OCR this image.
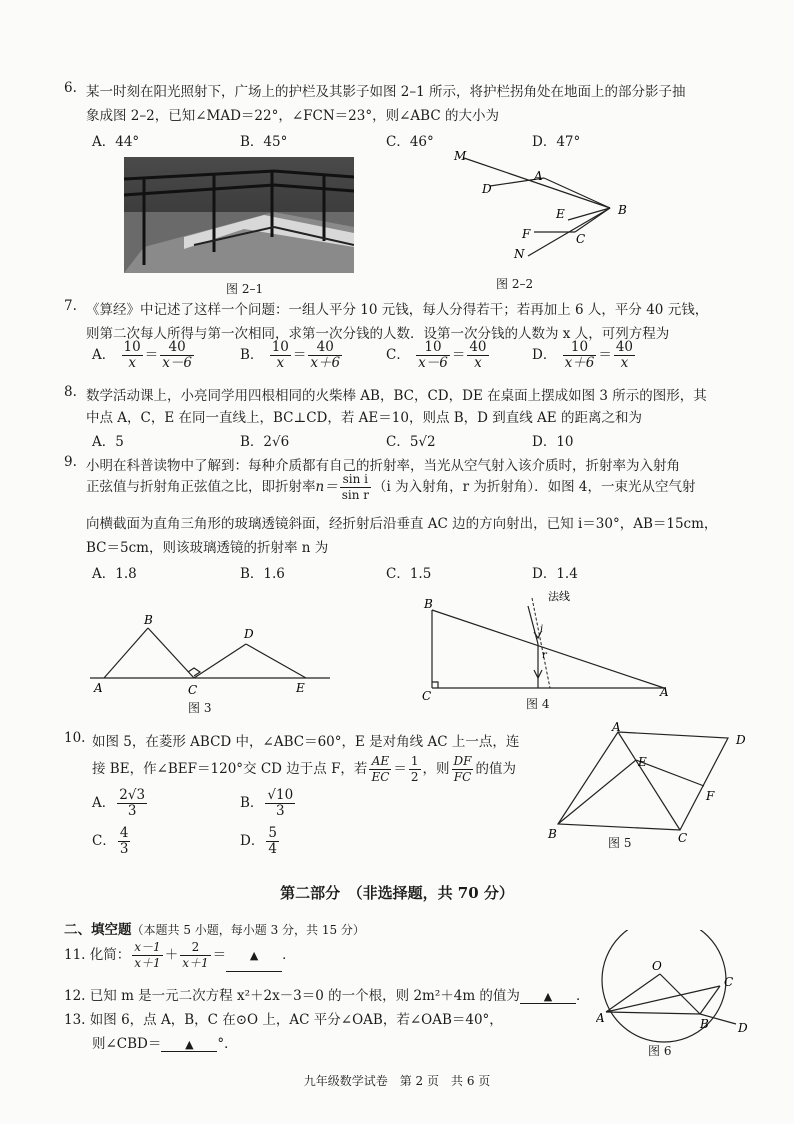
6. 某一时刻在阳光照射下，广场上的护栏及其影子如图 2–1 所示，将护栏拐角处在地面上的部分影子抽
象成图 2–2，已知∠MAD＝22°，∠FCN＝23°，则∠ABC 的大小为
A．44°	B．45°	C．46°	D．47°
图 2–1
M
D
A
E	B
F	C
N
图 2–2
7. 《算经》中记述了这样一个问题：一组人平分 10 元钱，每人分得若干；若再加上 6 人，平分 40 元钱，
则第二次每人所得与第一次相同，求第一次分钱的人数．设第一次分钱的人数为 x 人，可列方程为
A． $\frac{10}{x} = \frac{40}{x-6}$	B． $\frac{10}{x} = \frac{40}{x+6}$	C． $\frac{10}{x-6} = \frac{40}{x}$	D． $\frac{10}{x+6} = \frac{40}{x}$
8. 数学活动课上，小亮同学用四根相同的火柴棒 AB，BC，CD，DE 在桌面上摆成如图 3 所示的图形，其
中点 A，C，E 在同一直线上，BC⊥CD，若 AE＝10，则点 B，D 到直线 AE 的距离之和为
A．5	B．2√6	C．5√2	D．10
9. 小明在科普读物中了解到：每种介质都有自己的折射率，当光从空气射入该介质时，折射率为入射角
正弦值与折射角正弦值之比，即折射率$n= \frac{\text{sin i}}{\text{sin r}} (i$ 为入射角，r 为折射角）．如图 4，一束光从空气射
向横截面为直角三角形的玻璃透镜斜面，经折射后沿垂直 AC 边的方向射出，已知 i＝30°，AB＝15cm，
BC＝5cm，则该玻璃透镜的折射率 n 为
A．1.8	B．1.6	C．1.5	D．1.4
B
D
A	C	E
图 3
B
C	A
法线
i
r
图 4
10. 如图 5，在菱形 ABCD 中，∠ABC＝60°，E 是对角线 AC 上一点，连
接 BE，作∠BEF＝120°交 CD 边于点 F，若 $\frac{AE}{EC} = \frac{1}{2}$ ，则 $\frac{DF}{FC}$ 的值为
A． $\frac{2√3}{3}$	B． $\frac{√10}{3}$
C． $\frac{4}{3}$	D． $\frac{5}{4}$
A
D
E
F
B	C
图 5
第二部分　（非选择题，共 70 分）
二、填空题（本题共 5 小题，每小题 3 分，共 15 分）
11. 化简： $\frac{x-1}{x+1} + \frac{2}{x+1}$ ＝ ▲ ．
12. 已知 m 是一元二次方程 x²＋2x－3＝0 的一个根，则 2m²＋4m 的值为 ▲ ．
13. 如图 6，点 A，B，C 在⊙O 上，AC 平分∠OAB，若∠OAB＝40°，
则∠CBD＝ ▲ °．
O
C
A	B D
图 6
九年级数学试卷　第 2 页　共 6 页
